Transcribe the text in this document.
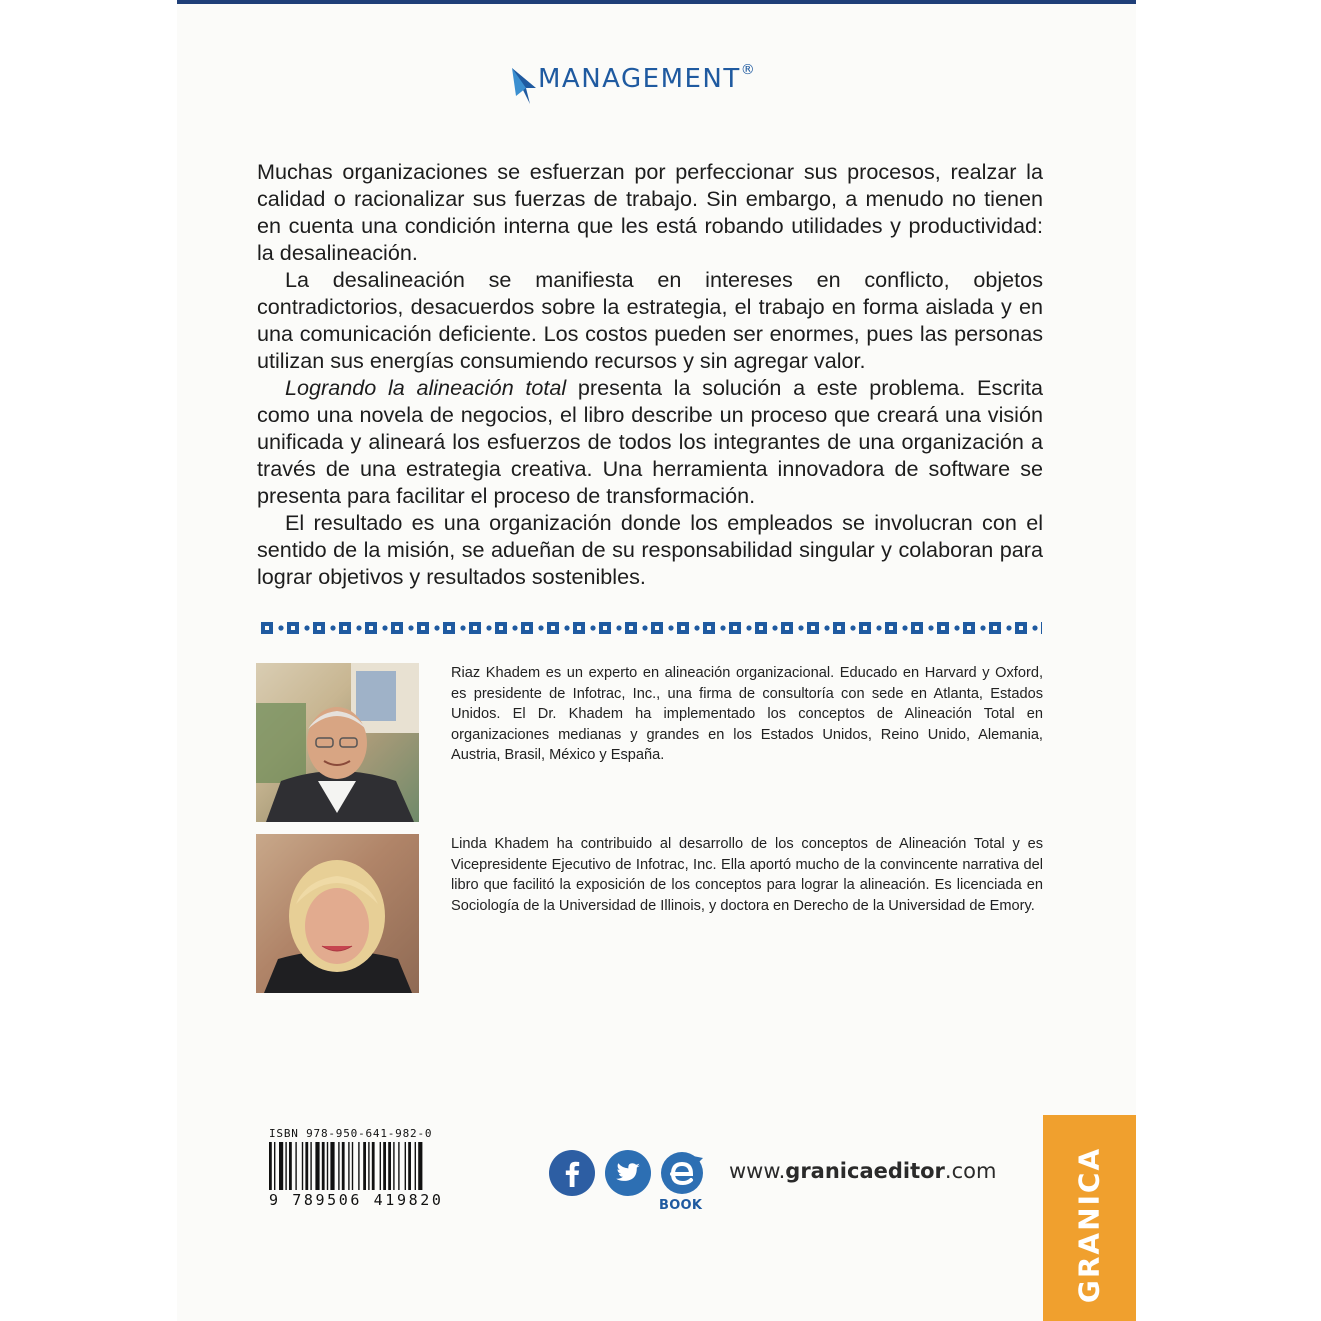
MANAGEMENT®

Muchas organizaciones se esfuerzan por perfeccionar sus procesos, realzar la calidad o racionalizar sus fuerzas de trabajo. Sin embargo, a menudo no tienen en cuenta una condición interna que les está robando utilidades y productividad: la desalineación.

La desalineación se manifiesta en intereses en conflicto, objetos contradictorios, desacuerdos sobre la estrategia, el trabajo en forma aislada y en una comunicación deficiente. Los costos pueden ser enormes, pues las personas utilizan sus energías consumiendo recursos y sin agregar valor.

Logrando la alineación total presenta la solución a este problema. Escrita como una novela de negocios, el libro describe un proceso que creará una visión unificada y alineará los esfuerzos de todos los integrantes de una organización a través de una estrategia creativa. Una herramienta innovadora de software se presenta para facilitar el proceso de transformación.

El resultado es una organización donde los empleados se involucran con el sentido de la misión, se adueñan de su responsabilidad singular y colaboran para lograr objetivos y resultados sostenibles.

Riaz Khadem es un experto en alineación organizacional. Educado en Harvard y Oxford, es presidente de Infotrac, Inc., una firma de consultoría con sede en Atlanta, Estados Unidos. El Dr. Khadem ha implementado los conceptos de Alineación Total en organizaciones medianas y grandes en los Estados Unidos, Reino Unido, Alemania, Austria, Brasil, México y España.

Linda Khadem ha contribuido al desarrollo de los conceptos de Alineación Total y es Vicepresidente Ejecutivo de Infotrac, Inc. Ella aportó mucho de la convincente narrativa del libro que facilitó la exposición de los conceptos para lograr la alineación. Es licenciada en Sociología de la Universidad de Illinois, y doctora en Derecho de la Universidad de Emory.

ISBN 978-950-641-982-0
9 789506 419820	BOOK
www.granicaeditor.com	GRANICA
